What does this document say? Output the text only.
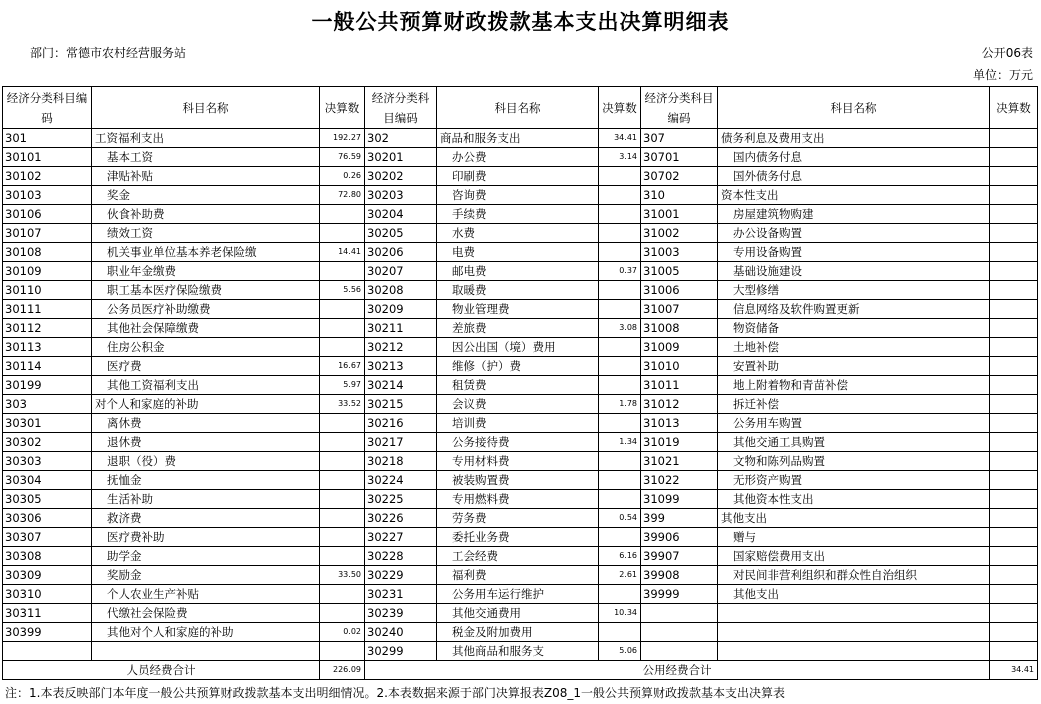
一般公共预算财政拨款基本支出决算明细表
部门：常德市农村经营服务站	公开06表
单位：万元
经济分类科目编码	科目名称	决算数	经济分类科目编码	科目名称	决算数	经济分类科目编码	科目名称	决算数
301	工资福利支出	192.27	302	商品和服务支出	34.41	307	债务利息及费用支出	
30101	基本工资	76.59	30201	办公费	3.14	30701	国内债务付息	
30102	津贴补贴	0.26	30202	印刷费		30702	国外债务付息	
30103	奖金	72.80	30203	咨询费		310	资本性支出	
30106	伙食补助费		30204	手续费		31001	房屋建筑物购建	
30107	绩效工资		30205	水费		31002	办公设备购置	
30108	机关事业单位基本养老保险缴	14.41	30206	电费		31003	专用设备购置	
30109	职业年金缴费		30207	邮电费	0.37	31005	基础设施建设	
30110	职工基本医疗保险缴费	5.56	30208	取暖费		31006	大型修缮	
30111	公务员医疗补助缴费		30209	物业管理费		31007	信息网络及软件购置更新	
30112	其他社会保障缴费		30211	差旅费	3.08	31008	物资储备	
30113	住房公积金		30212	因公出国（境）费用		31009	土地补偿	
30114	医疗费	16.67	30213	维修（护）费		31010	安置补助	
30199	其他工资福利支出	5.97	30214	租赁费		31011	地上附着物和青苗补偿	
303	对个人和家庭的补助	33.52	30215	会议费	1.78	31012	拆迁补偿	
30301	离休费		30216	培训费		31013	公务用车购置	
30302	退休费		30217	公务接待费	1.34	31019	其他交通工具购置	
30303	退职（役）费		30218	专用材料费		31021	文物和陈列品购置	
30304	抚恤金		30224	被装购置费		31022	无形资产购置	
30305	生活补助		30225	专用燃料费		31099	其他资本性支出	
30306	救济费		30226	劳务费	0.54	399	其他支出	
30307	医疗费补助		30227	委托业务费		39906	赠与	
30308	助学金		30228	工会经费	6.16	39907	国家赔偿费用支出	
30309	奖励金	33.50	30229	福利费	2.61	39908	对民间非营利组织和群众性自治组织	
30310	个人农业生产补贴		30231	公务用车运行维护		39999	其他支出	
30311	代缴社会保险费		30239	其他交通费用	10.34			
30399	其他对个人和家庭的补助	0.02	30240	税金及附加费用				
			30299	其他商品和服务支	5.06			
人员经费合计		226.09	公用经费合计					34.41
注：1.本表反映部门本年度一般公共预算财政拨款基本支出明细情况。2.本表数据来源于部门决算报表Z08_1一般公共预算财政拨款基本支出决算表
